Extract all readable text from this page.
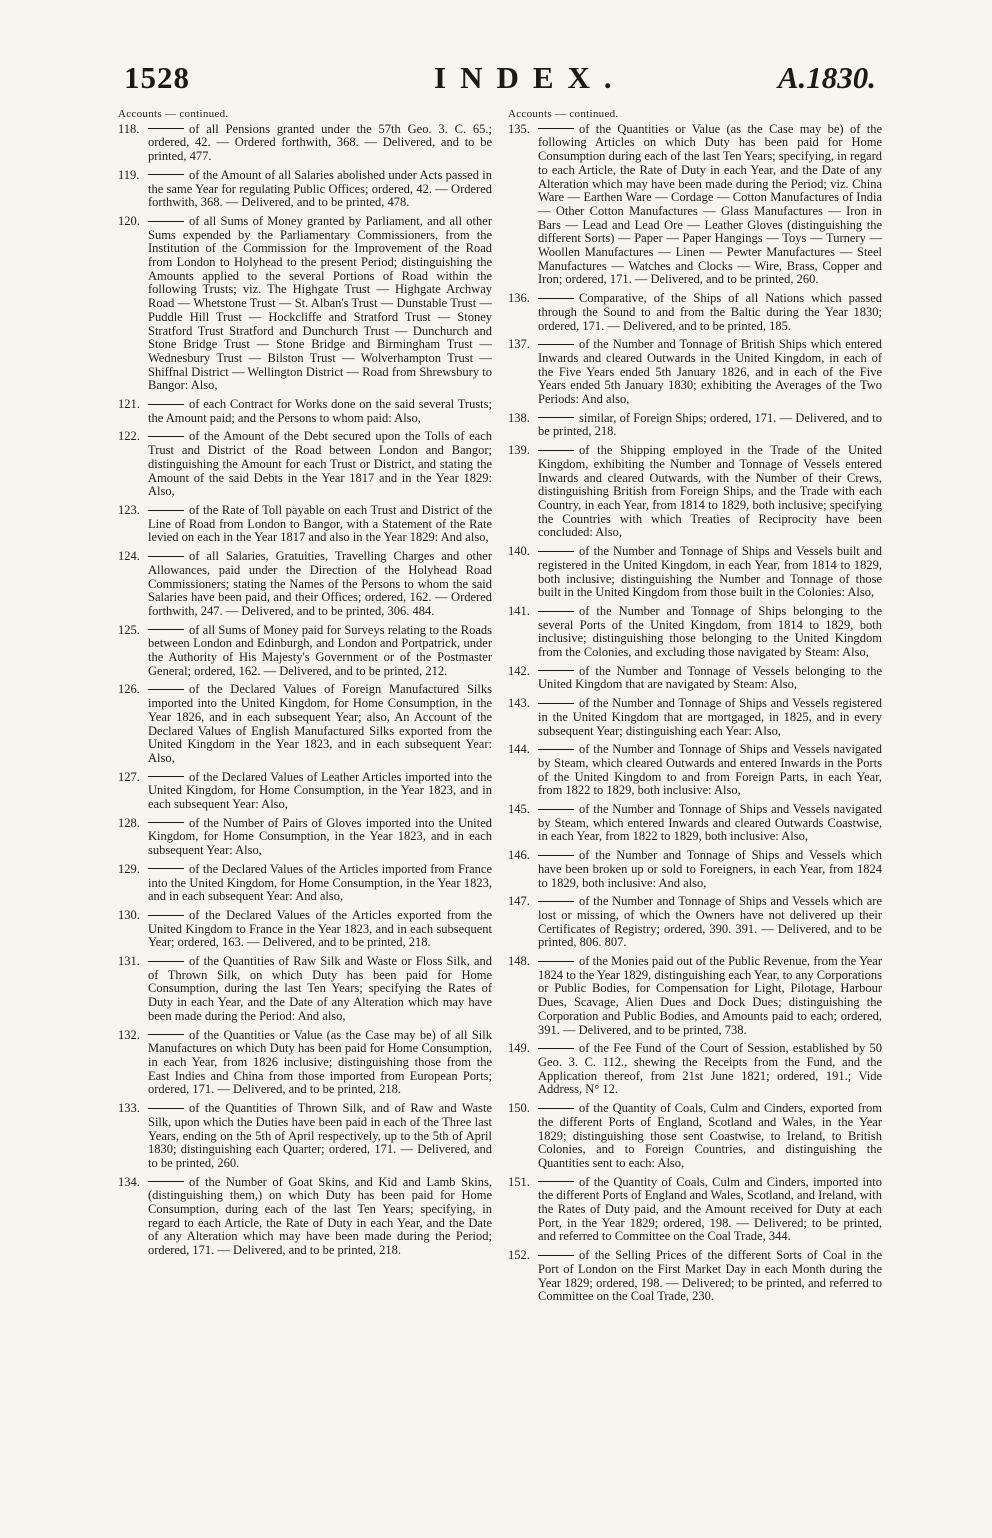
1528	INDEX.	A.1830.
Accounts — continued.
118.	of all Pensions granted under the 57th Geo. 3. C. 65.; ordered, 42. — Ordered forthwith, 368. — Delivered, and to be printed, 477.
119.	of the Amount of all Salaries abolished under Acts passed in the same Year for regulating Public Offices; ordered, 42. — Ordered forthwith, 368. — Delivered, and to be printed, 478.
120.	of all Sums of Money granted by Parliament, and all other Sums expended by the Parliamentary Commissioners, from the Institution of the Commission for the Improvement of the Road from London to Holyhead to the present Period; distinguishing the Amounts applied to the several Portions of Road within the following Trusts; viz. The Highgate Trust — Highgate Archway Road — Whetstone Trust — St. Alban's Trust — Dunstable Trust — Puddle Hill Trust — Hockcliffe and Stratford Trust — Stoney Stratford Trust Stratford and Dunchurch Trust — Dunchurch and Stone Bridge Trust — Stone Bridge and Birmingham Trust — Wednesbury Trust — Bilston Trust — Wolverhampton Trust — Shiffnal District — Wellington District — Road from Shrewsbury to Bangor: Also,
121.	of each Contract for Works done on the said several Trusts; the Amount paid; and the Persons to whom paid: Also,
122.	of the Amount of the Debt secured upon the Tolls of each Trust and District of the Road between London and Bangor; distinguishing the Amount for each Trust or District, and stating the Amount of the said Debts in the Year 1817 and in the Year 1829: Also,
123.	of the Rate of Toll payable on each Trust and District of the Line of Road from London to Bangor, with a Statement of the Rate levied on each in the Year 1817 and also in the Year 1829: And also,
124.	of all Salaries, Gratuities, Travelling Charges and other Allowances, paid under the Direction of the Holyhead Road Commissioners; stating the Names of the Persons to whom the said Salaries have been paid, and their Offices; ordered, 162. — Ordered forthwith, 247. — Delivered, and to be printed, 306. 484.
125.	of all Sums of Money paid for Surveys relating to the Roads between London and Edinburgh, and London and Portpatrick, under the Authority of His Majesty's Government or of the Postmaster General; ordered, 162. — Delivered, and to be printed, 212.
126.	of the Declared Values of Foreign Manufactured Silks imported into the United Kingdom, for Home Consumption, in the Year 1826, and in each subsequent Year; also, An Account of the Declared Values of English Manufactured Silks exported from the United Kingdom in the Year 1823, and in each subsequent Year: Also,
127.	of the Declared Values of Leather Articles imported into the United Kingdom, for Home Consumption, in the Year 1823, and in each subsequent Year: Also,
128.	of the Number of Pairs of Gloves imported into the United Kingdom, for Home Consumption, in the Year 1823, and in each subsequent Year: Also,
129.	of the Declared Values of the Articles imported from France into the United Kingdom, for Home Consumption, in the Year 1823, and in each subsequent Year: And also,
130.	of the Declared Values of the Articles exported from the United Kingdom to France in the Year 1823, and in each subsequent Year; ordered, 163. — Delivered, and to be printed, 218.
131.	of the Quantities of Raw Silk and Waste or Floss Silk, and of Thrown Silk, on which Duty has been paid for Home Consumption, during the last Ten Years; specifying the Rates of Duty in each Year, and the Date of any Alteration which may have been made during the Period: And also,
132.	of the Quantities or Value (as the Case may be) of all Silk Manufactures on which Duty has been paid for Home Consumption, in each Year, from 1826 inclusive; distinguishing those from the East Indies and China from those imported from European Ports; ordered, 171. — Delivered, and to be printed, 218.
133.	of the Quantities of Thrown Silk, and of Raw and Waste Silk, upon which the Duties have been paid in each of the Three last Years, ending on the 5th of April respectively, up to the 5th of April 1830; distinguishing each Quarter; ordered, 171. — Delivered, and to be printed, 260.
134.	of the Number of Goat Skins, and Kid and Lamb Skins, (distinguishing them,) on which Duty has been paid for Home Consumption, during each of the last Ten Years; specifying, in regard to each Article, the Rate of Duty in each Year, and the Date of any Alteration which may have been made during the Period; ordered, 171. — Delivered, and to be printed, 218.
Accounts — continued.
135.	of the Quantities or Value (as the Case may be) of the following Articles on which Duty has been paid for Home Consumption during each of the last Ten Years; specifying, in regard to each Article, the Rate of Duty in each Year, and the Date of any Alteration which may have been made during the Period; viz. China Ware — Earthen Ware — Cordage — Cotton Manufactures of India — Other Cotton Manufactures — Glass Manufactures — Iron in Bars — Lead and Lead Ore — Leather Gloves (distinguishing the different Sorts) — Paper — Paper Hangings — Toys — Turnery — Woollen Manufactures — Linen — Pewter Manufactures — Steel Manufactures — Watches and Clocks — Wire, Brass, Copper and Iron; ordered, 171. — Delivered, and to be printed, 260.
136.	Comparative, of the Ships of all Nations which passed through the Sound to and from the Baltic during the Year 1830; ordered, 171. — Delivered, and to be printed, 185.
137.	of the Number and Tonnage of British Ships which entered Inwards and cleared Outwards in the United Kingdom, in each of the Five Years ended 5th January 1826, and in each of the Five Years ended 5th January 1830; exhibiting the Averages of the Two Periods: And also,
138.	similar, of Foreign Ships; ordered, 171. — Delivered, and to be printed, 218.
139.	of the Shipping employed in the Trade of the United Kingdom, exhibiting the Number and Tonnage of Vessels entered Inwards and cleared Outwards, with the Number of their Crews, distinguishing British from Foreign Ships, and the Trade with each Country, in each Year, from 1814 to 1829, both inclusive; specifying the Countries with which Treaties of Reciprocity have been concluded: Also,
140.	of the Number and Tonnage of Ships and Vessels built and registered in the United Kingdom, in each Year, from 1814 to 1829, both inclusive; distinguishing the Number and Tonnage of those built in the United Kingdom from those built in the Colonies: Also,
141.	of the Number and Tonnage of Ships belonging to the several Ports of the United Kingdom, from 1814 to 1829, both inclusive; distinguishing those belonging to the United Kingdom from the Colonies, and excluding those navigated by Steam: Also,
142.	of the Number and Tonnage of Vessels belonging to the United Kingdom that are navigated by Steam: Also,
143.	of the Number and Tonnage of Ships and Vessels registered in the United Kingdom that are mortgaged, in 1825, and in every subsequent Year; distinguishing each Year: Also,
144.	of the Number and Tonnage of Ships and Vessels navigated by Steam, which cleared Outwards and entered Inwards in the Ports of the United Kingdom to and from Foreign Parts, in each Year, from 1822 to 1829, both inclusive: Also,
145.	of the Number and Tonnage of Ships and Vessels navigated by Steam, which entered Inwards and cleared Outwards Coastwise, in each Year, from 1822 to 1829, both inclusive: Also,
146.	of the Number and Tonnage of Ships and Vessels which have been broken up or sold to Foreigners, in each Year, from 1824 to 1829, both inclusive: And also,
147.	of the Number and Tonnage of Ships and Vessels which are lost or missing, of which the Owners have not delivered up their Certificates of Registry; ordered, 390. 391. — Delivered, and to be printed, 806. 807.
148.	of the Monies paid out of the Public Revenue, from the Year 1824 to the Year 1829, distinguishing each Year, to any Corporations or Public Bodies, for Compensation for Light, Pilotage, Harbour Dues, Scavage, Alien Dues and Dock Dues; distinguishing the Corporation and Public Bodies, and Amounts paid to each; ordered, 391. — Delivered, and to be printed, 738.
149.	of the Fee Fund of the Court of Session, established by 50 Geo. 3. C. 112., shewing the Receipts from the Fund, and the Application thereof, from 21st June 1821; ordered, 191.; Vide Address, N° 12.
150.	of the Quantity of Coals, Culm and Cinders, exported from the different Ports of England, Scotland and Wales, in the Year 1829; distinguishing those sent Coastwise, to Ireland, to British Colonies, and to Foreign Countries, and distinguishing the Quantities sent to each: Also,
151.	of the Quantity of Coals, Culm and Cinders, imported into the different Ports of England and Wales, Scotland, and Ireland, with the Rates of Duty paid, and the Amount received for Duty at each Port, in the Year 1829; ordered, 198. — Delivered; to be printed, and referred to Committee on the Coal Trade, 344.
152.	of the Selling Prices of the different Sorts of Coal in the Port of London on the First Market Day in each Month during the Year 1829; ordered, 198. — Delivered; to be printed, and referred to Committee on the Coal Trade, 230.
